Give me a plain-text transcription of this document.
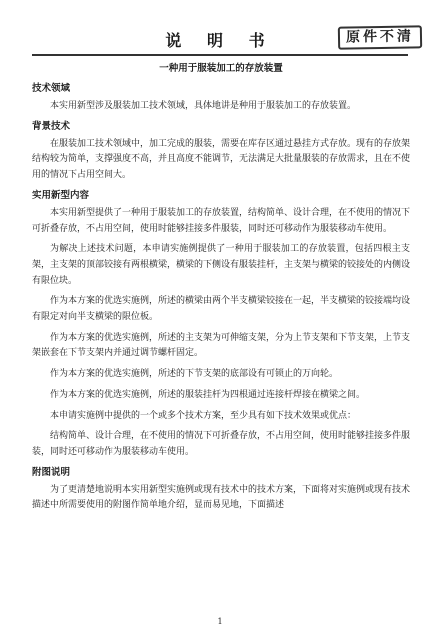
说 明 书	原件不清
一种用于服装加工的存放装置
技术领域
本实用新型涉及服装加工技术领域，具体地讲是种用于服装加工的存放装置。
背景技术
在服装加工技术领域中，加工完成的服装，需要在库存区通过悬挂方式存放。现有的存放架结构较为简单，支撑强度不高，并且高度不能调节，无法满足大批量服装的存放需求，且在不使用的情况下占用空间大。
实用新型内容
本实用新型提供了一种用于服装加工的存放装置，结构简单、设计合理，在不使用的情况下可折叠存放，不占用空间，使用时能够挂接多件服装，同时还可移动作为服装移动车使用。
为解决上述技术问题，本申请实施例提供了一种用于服装加工的存放装置，包括四根主支架，主支架的顶部铰接有两根横梁，横梁的下侧设有服装挂杆，主支架与横梁的铰接处的内侧设有限位块。
作为本方案的优选实施例，所述的横梁由两个半支横梁铰接在一起，半支横梁的铰接端均设有限定对向半支横梁的限位板。
作为本方案的优选实施例，所述的主支架为可伸缩支架，分为上节支架和下节支架，上节支架嵌套在下节支架内并通过调节螺杆固定。
作为本方案的优选实施例，所述的下节支架的底部设有可锁止的万向轮。
作为本方案的优选实施例，所述的服装挂杆为四根通过连接杆焊接在横梁之间。
本申请实施例中提供的一个或多个技术方案，至少具有如下技术效果或优点：
结构简单、设计合理，在不使用的情况下可折叠存放，不占用空间，使用时能够挂接多件服装，同时还可移动作为服装移动车使用。
附图说明
为了更清楚地说明本实用新型实施例或现有技术中的技术方案，下面将对实施例或现有技术描述中所需要使用的附图作简单地介绍，显而易见地，下面描述
1
